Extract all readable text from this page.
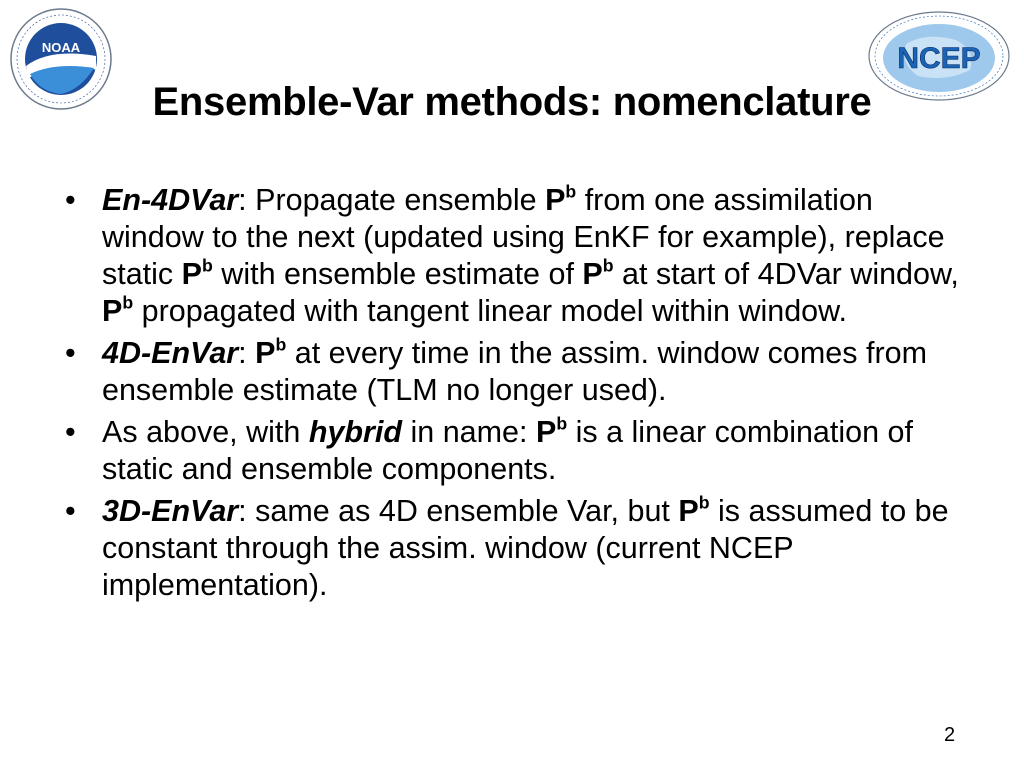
NOAA	NCEP
Ensemble-Var methods: nomenclature
• En-4DVar: Propagate ensemble $P^b$ from one assimilation window to the next (updated using EnKF for example), replace static $P^b$ with ensemble estimate of $P^b$ at start of 4DVar window, $P^b$ propagated with tangent linear model within window.
• 4D-EnVar: $P^b$ at every time in the assim. window comes from ensemble estimate (TLM no longer used).
• As above, with hybrid in name: $P^b$ is a linear combination of static and ensemble components.
• 3D-EnVar: same as 4D ensemble Var, but $P^b$ is assumed to be constant through the assim. window (current NCEP implementation).
2
